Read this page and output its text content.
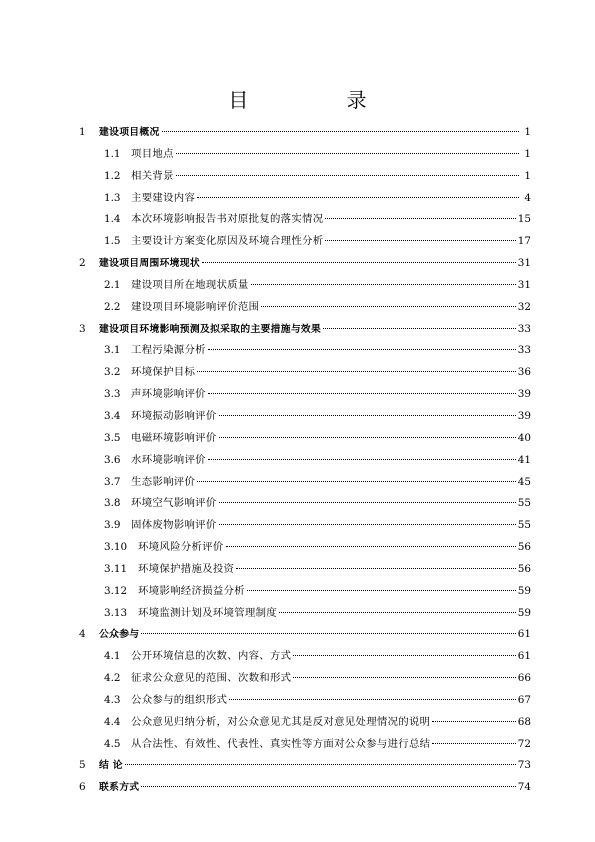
目 录
1	建设项目概况	1
1.1	项目地点	1
1.2	相关背景	1
1.3	主要建设内容	4
1.4	本次环境影响报告书对原批复的落实情况	15
1.5	主要设计方案变化原因及环境合理性分析	17
2	建设项目周围环境现状	31
2.1	建设项目所在地现状质量	31
2.2	建设项目环境影响评价范围	32
3	建设项目环境影响预测及拟采取的主要措施与效果	33
3.1	工程污染源分析	33
3.2	环境保护目标	36
3.3	声环境影响评价	39
3.4	环境振动影响评价	39
3.5	电磁环境影响评价	40
3.6	水环境影响评价	41
3.7	生态影响评价	45
3.8	环境空气影响评价	55
3.9	固体废物影响评价	55
3.10	环境风险分析评价	56
3.11	环境保护措施及投资	56
3.12	环境影响经济损益分析	59
3.13	环境监测计划及环境管理制度	59
4	公众参与	61
4.1	公开环境信息的次数、内容、方式	61
4.2	征求公众意见的范围、次数和形式	66
4.3	公众参与的组织形式	67
4.4	公众意见归纳分析，对公众意见尤其是反对意见处理情况的说明	68
4.5	从合法性、有效性、代表性、真实性等方面对公众参与进行总结	72
5	结 论	73
6	联系方式	74
